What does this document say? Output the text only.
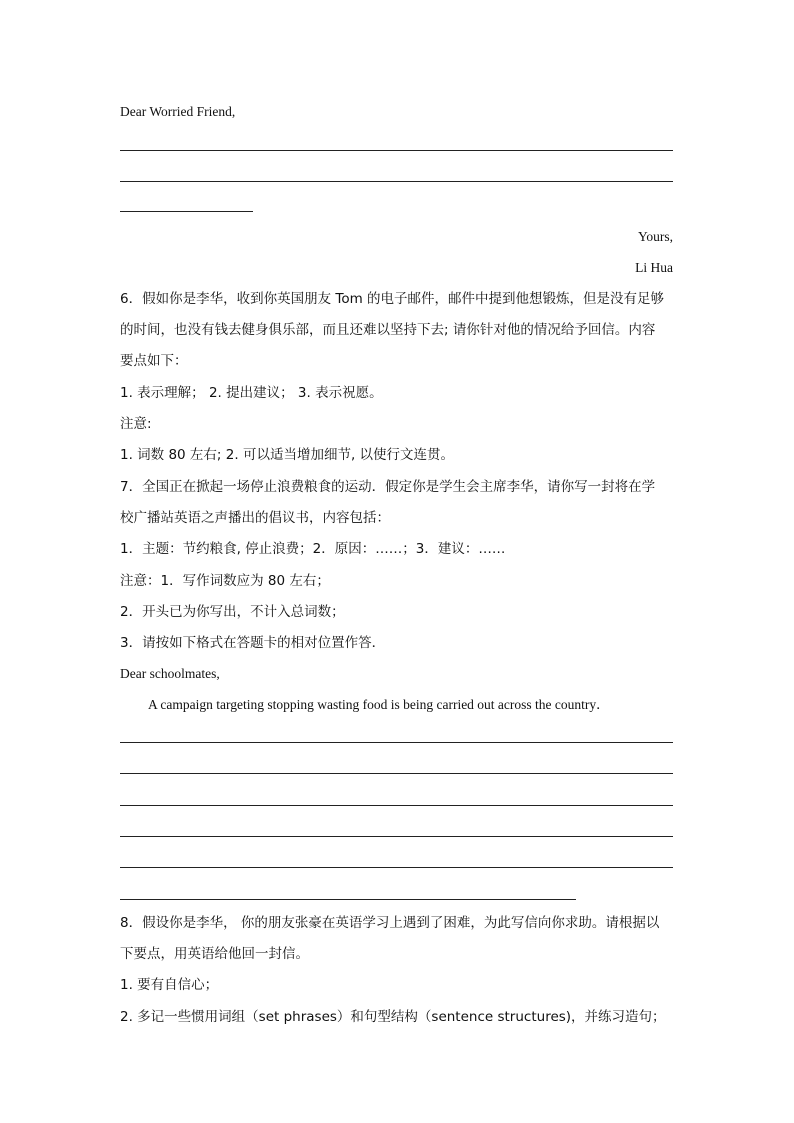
Dear Worried Friend,
Yours,
Li Hua
6．假如你是李华，收到你英国朋友 Tom 的电子邮件，邮件中提到他想锻炼，但是没有足够
的时间，也没有钱去健身俱乐部，而且还难以坚持下去; 请你针对他的情况给予回信。内容
要点如下：
1. 表示理解； 2. 提出建议； 3. 表示祝愿。
注意:
1. 词数 80 左右; 2. 可以适当增加细节, 以使行文连贯。
7．全国正在掀起一场停止浪费粮食的运动．假定你是学生会主席李华，请你写一封将在学
校广播站英语之声播出的倡议书，内容包括：
1．主题：节约粮食, 停止浪费；2．原因：……；3．建议：……
注意：1．写作词数应为 80 左右；
2．开头已为你写出，不计入总词数；
3．请按如下格式在答题卡的相对位置作答．
Dear schoolmates,
A campaign targeting stopping wasting food is being carried out across the country．
8．假设你是李华， 你的朋友张豪在英语学习上遇到了困难，为此写信向你求助。请根据以
下要点，用英语给他回一封信。
1. 要有自信心；
2. 多记一些惯用词组（set phrases）和句型结构（sentence structures)，并练习造句；
